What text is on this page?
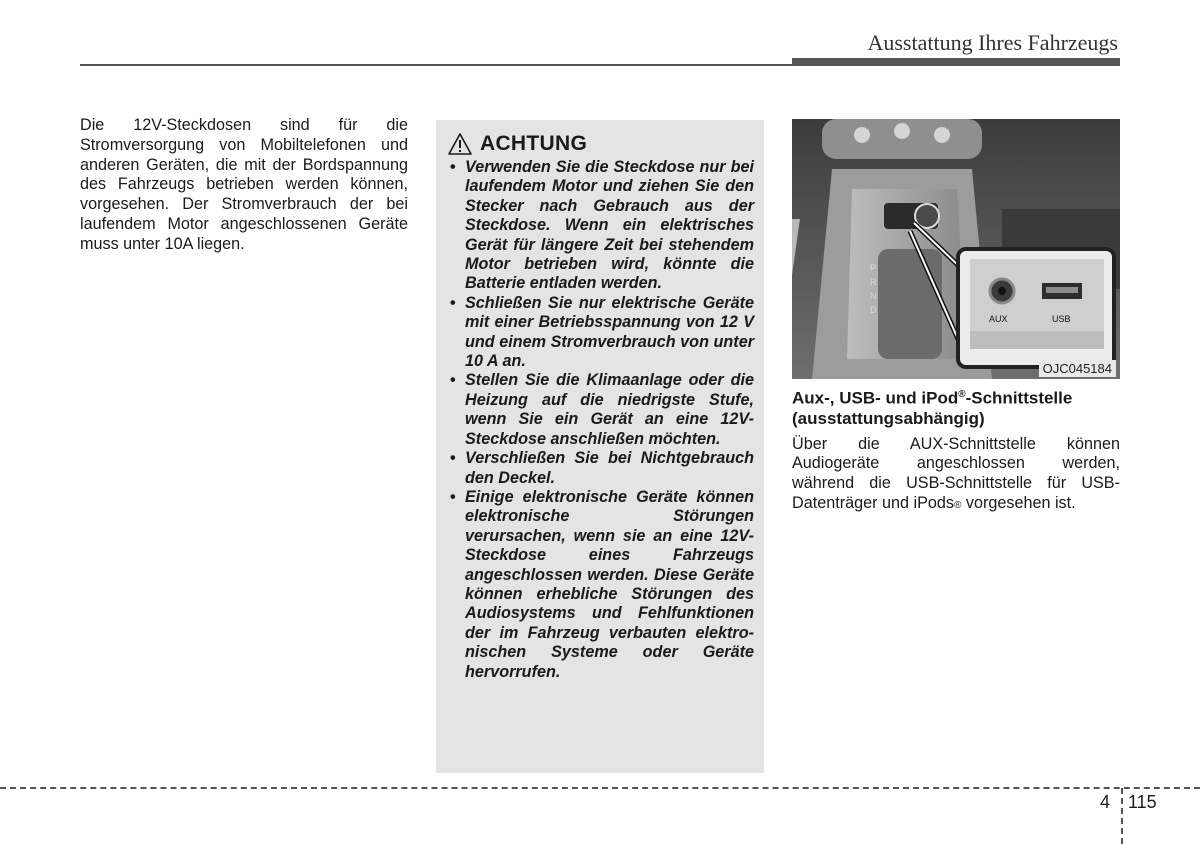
Ausstattung Ihres Fahrzeugs
Die 12V-Steckdosen sind für die Stromversorgung von Mobiltelefonen und anderen Geräten, die mit der Bordspannung des Fahrzeugs betrieben werden können, vorgesehen. Der Stromverbrauch der bei laufendem Motor angeschlossenen Geräte muss unter 10A liegen.
ACHTUNG
• Verwenden Sie die Steckdose nur bei laufendem Motor und ziehen Sie den Stecker nach Gebrauch aus der Steckdose. Wenn ein elektrisches Gerät für längere Zeit bei stehendem Motor betrieben wird, könnte die Batterie entladen werden.
• Schließen Sie nur elektrische Geräte mit einer Betriebsspannung von 12 V und einem Stromverbrauch von unter 10 A an.
• Stellen Sie die Klimaanlage oder die Heizung auf die niedrigste Stufe, wenn Sie ein Gerät an eine 12V-Steckdose anschließen möchten.
• Verschließen Sie bei Nichtgebrauch den Deckel.
• Einige elektronische Geräte können elektronische Störungen verursachen, wenn sie an eine 12V-Steckdose eines Fahrzeugs angeschlossen werden. Diese Geräte können erhebliche Störungen des Audiosystems und Fehlfunktionen der im Fahrzeug verbauten elektronischen Systeme oder Geräte hervorrufen.
P
R
N
D
AUX	USB
OJC045184
Aux-, USB- und iPod®-Schnittstelle (ausstattungsabhängig)

Über die AUX-Schnittstelle können Audiogeräte angeschlossen werden, während die USB-Schnittstelle für USB-Datenträger und iPods® vorgesehen ist.

4 115
